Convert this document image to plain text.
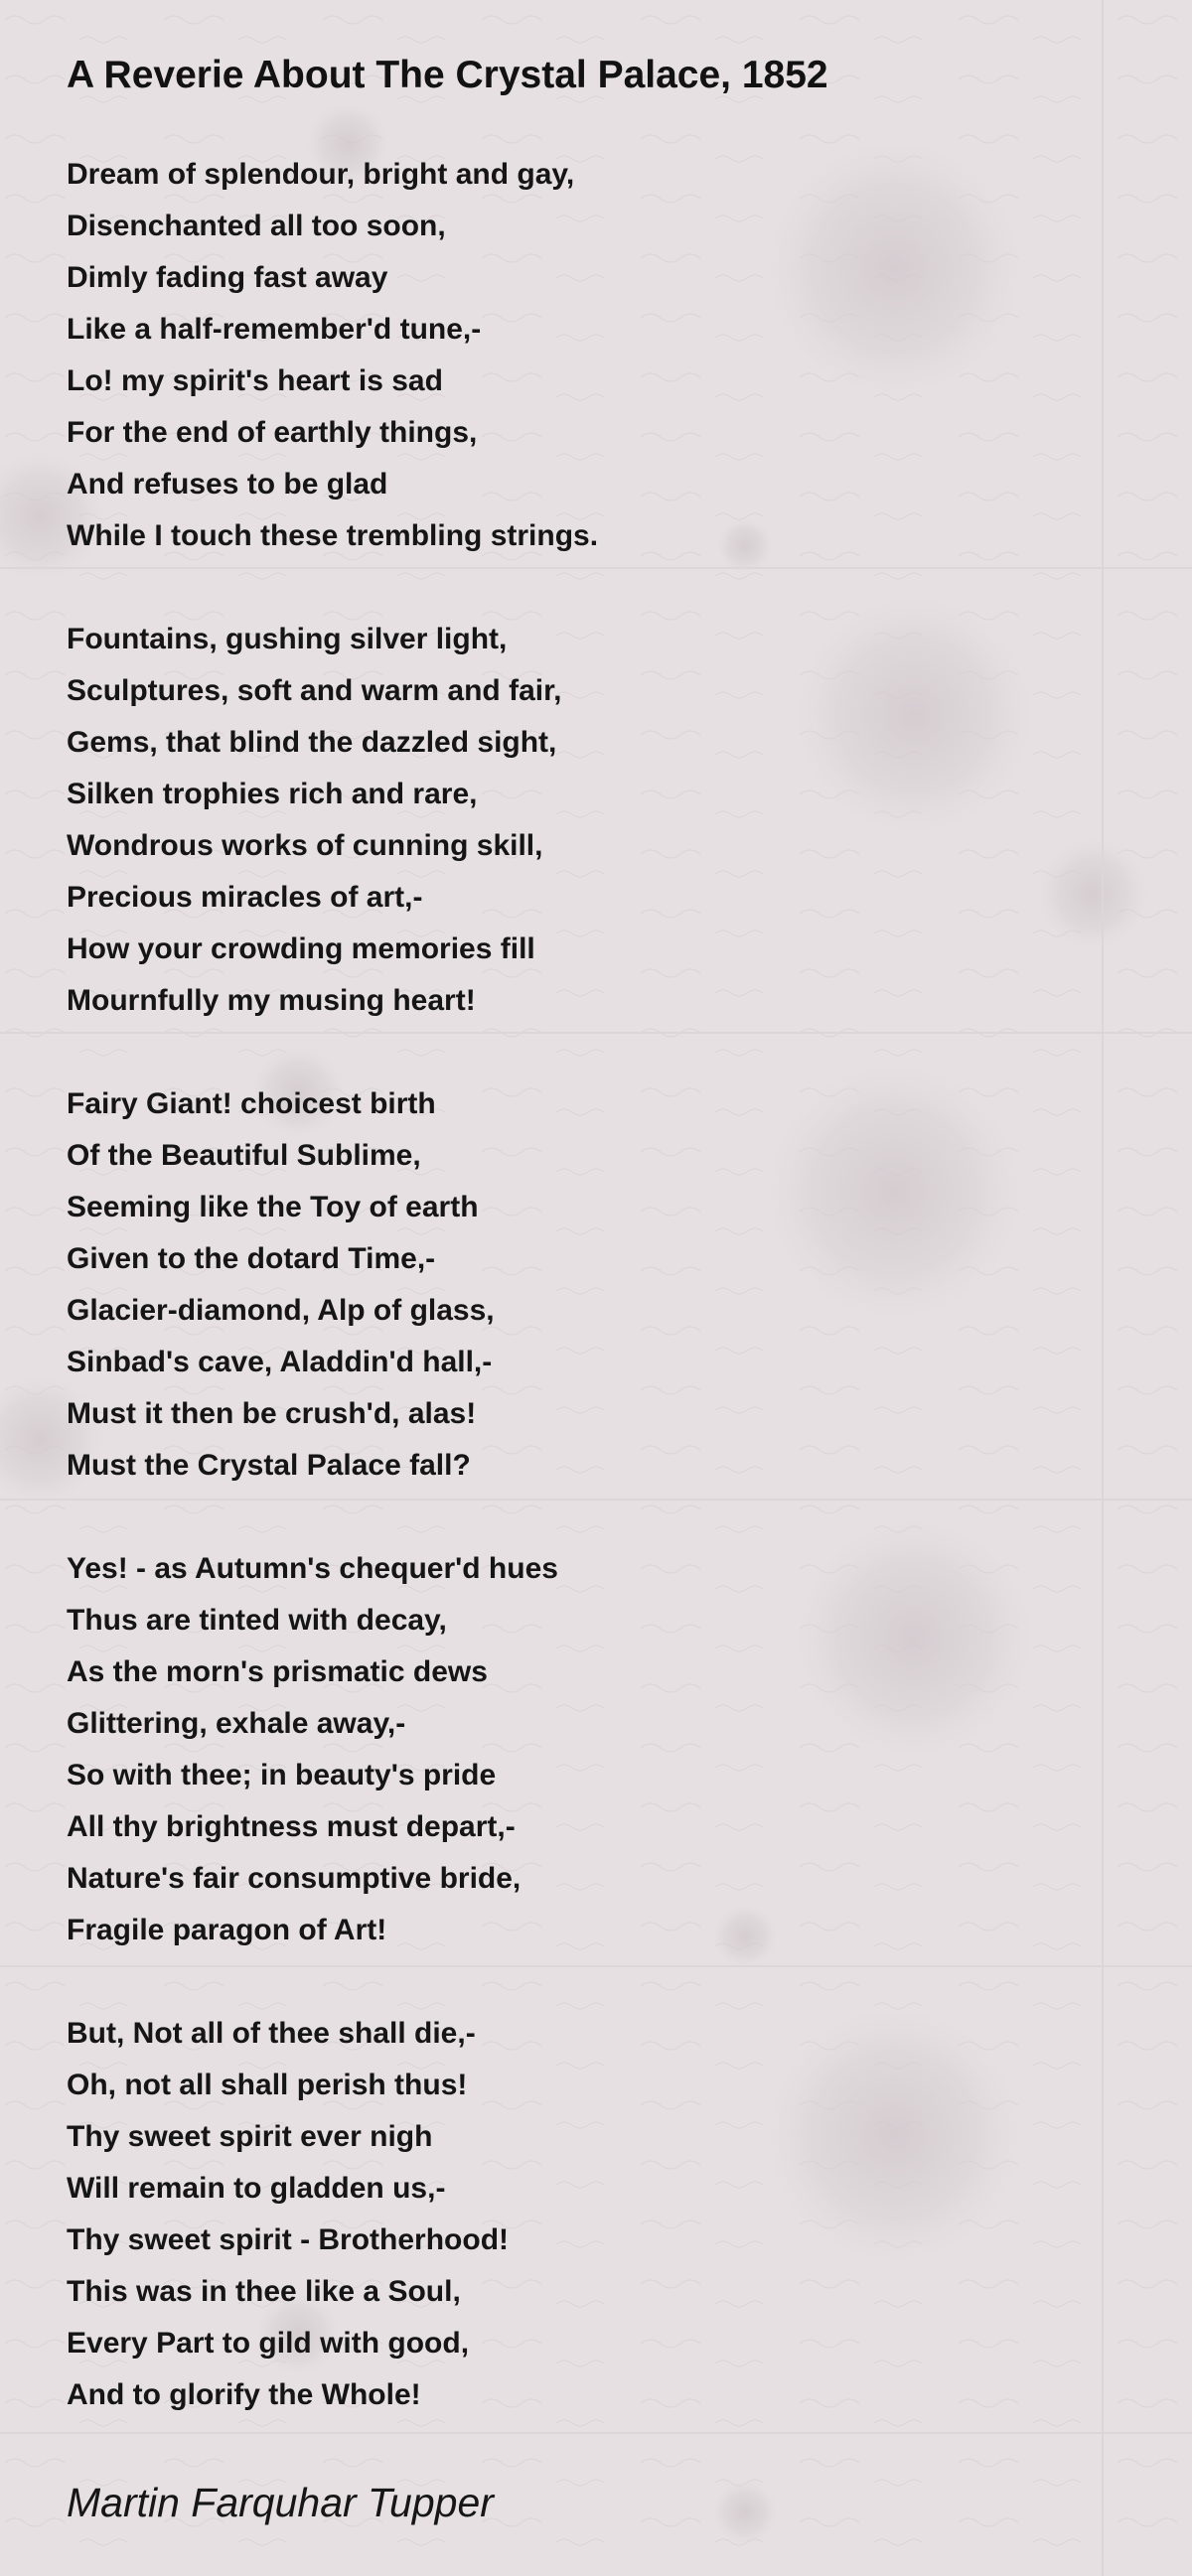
A Reverie About The Crystal Palace, 1852
Dream of splendour, bright and gay,
Disenchanted all too soon,
Dimly fading fast away
Like a half-remember'd tune,-
Lo! my spirit's heart is sad
For the end of earthly things,
And refuses to be glad
While I touch these trembling strings.
Fountains, gushing silver light,
Sculptures, soft and warm and fair,
Gems, that blind the dazzled sight,
Silken trophies rich and rare,
Wondrous works of cunning skill,
Precious miracles of art,-
How your crowding memories fill
Mournfully my musing heart!
Fairy Giant! choicest birth
Of the Beautiful Sublime,
Seeming like the Toy of earth
Given to the dotard Time,-
Glacier-diamond, Alp of glass,
Sinbad's cave, Aladdin'd hall,-
Must it then be crush'd, alas!
Must the Crystal Palace fall?
Yes! - as Autumn's chequer'd hues
Thus are tinted with decay,
As the morn's prismatic dews
Glittering, exhale away,-
So with thee; in beauty's pride
All thy brightness must depart,-
Nature's fair consumptive bride,
Fragile paragon of Art!
But, Not all of thee shall die,-
Oh, not all shall perish thus!
Thy sweet spirit ever nigh
Will remain to gladden us,-
Thy sweet spirit - Brotherhood!
This was in thee like a Soul,
Every Part to gild with good,
And to glorify the Whole!
Martin Farquhar Tupper
